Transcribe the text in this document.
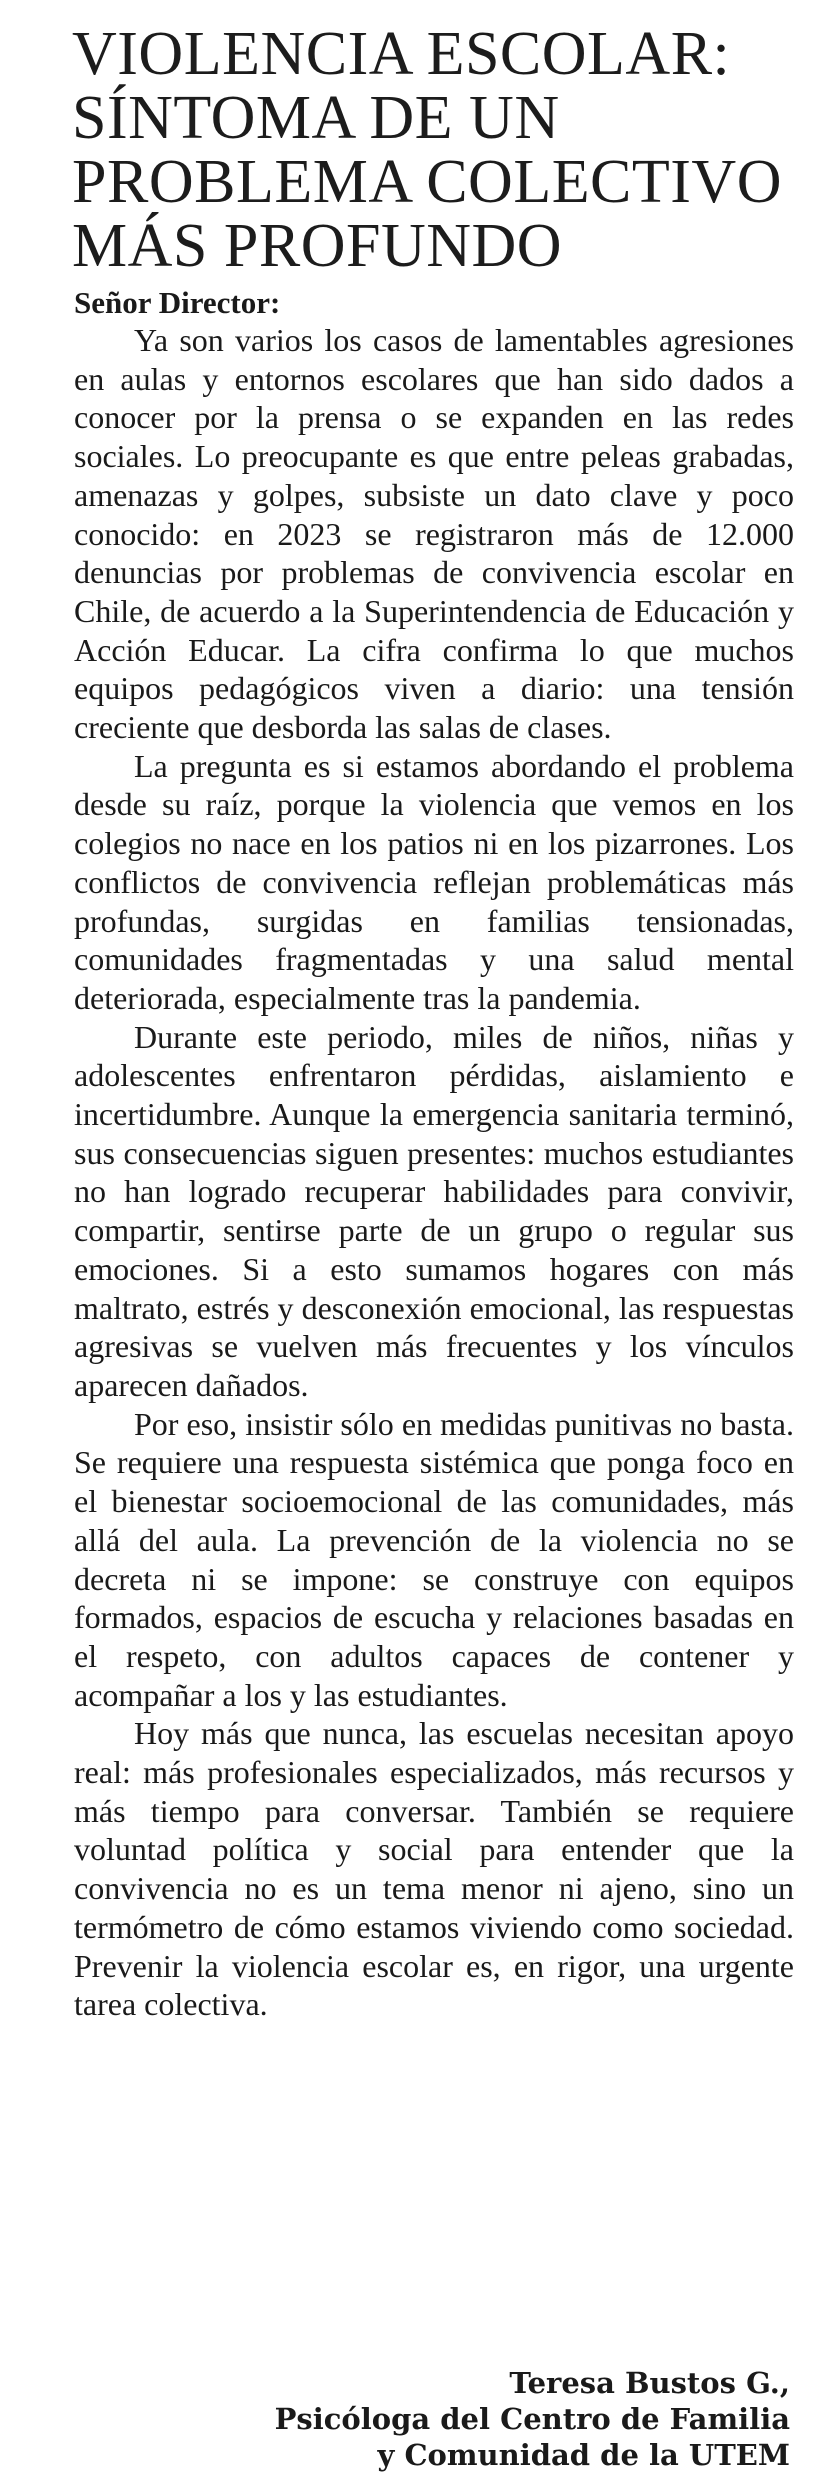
VIOLENCIA ESCOLAR:
SÍNTOMA DE UN
PROBLEMA COLECTIVO
MÁS PROFUNDO

Señor Director:

Ya son varios los casos de lamentables agresiones en aulas y entornos escolares que han sido dados a conocer por la prensa o se expanden en las redes sociales. Lo preocupante es que entre peleas grabadas, amenazas y golpes, subsiste un dato clave y poco conocido: en 2023 se registraron más de 12.000 denuncias por problemas de convivencia escolar en Chile, de acuerdo a la Superintendencia de Educación y Acción Educar. La cifra confirma lo que muchos equipos pedagógicos viven a diario: una tensión creciente que desborda las salas de clases.

La pregunta es si estamos abordando el problema desde su raíz, porque la violencia que vemos en los colegios no nace en los patios ni en los pizarrones. Los conflictos de convivencia reflejan problemáticas más profundas, surgidas en familias tensionadas, comunidades fragmentadas y una salud mental deteriorada, especialmente tras la pandemia.

Durante este periodo, miles de niños, niñas y adolescentes enfrentaron pérdidas, aislamiento e incertidumbre. Aunque la emergencia sanitaria terminó, sus consecuencias siguen presentes: muchos estudiantes no han logrado recuperar habilidades para convivir, compartir, sentirse parte de un grupo o regular sus emociones. Si a esto sumamos hogares con más maltrato, estrés y desconexión emocional, las respuestas agresivas se vuelven más frecuentes y los vínculos aparecen dañados.

Por eso, insistir sólo en medidas punitivas no basta. Se requiere una respuesta sistémica que ponga foco en el bienestar socioemocional de las comunidades, más allá del aula. La prevención de la violencia no se decreta ni se impone: se construye con equipos formados, espacios de escucha y relaciones basadas en el respeto, con adultos capaces de contener y acompañar a los y las estudiantes.

Hoy más que nunca, las escuelas necesitan apoyo real: más profesionales especializados, más recursos y más tiempo para conversar. También se requiere voluntad política y social para entender que la convivencia no es un tema menor ni ajeno, sino un termómetro de cómo estamos viviendo como sociedad. Prevenir la violencia escolar es, en rigor, una urgente tarea colectiva.

Teresa Bustos G.,
Psicóloga del Centro de Familia
y Comunidad de la UTEM
